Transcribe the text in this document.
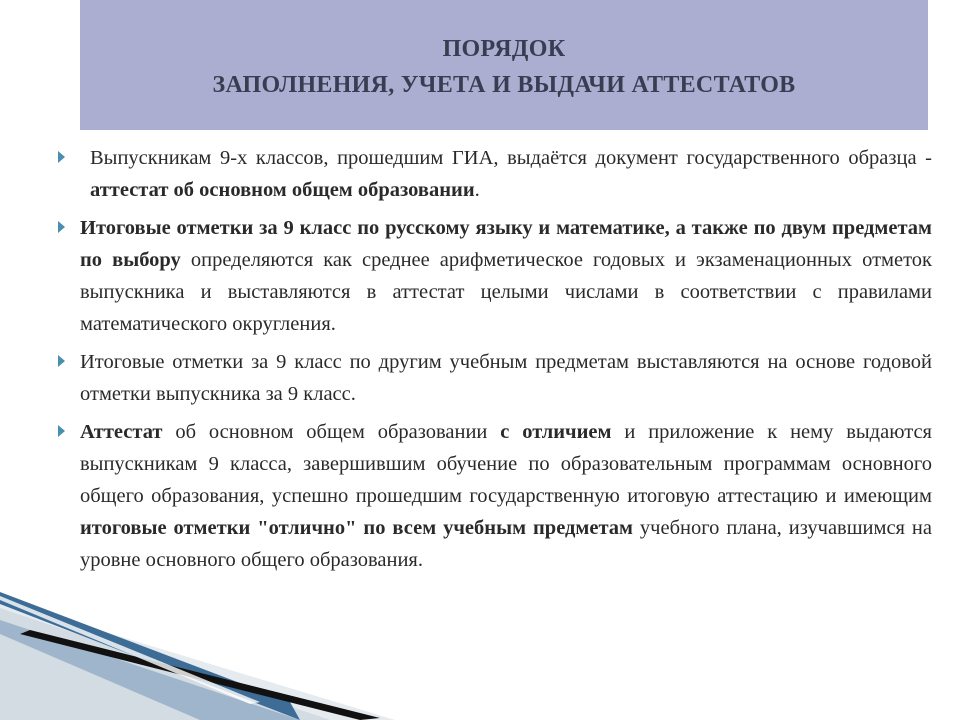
ПОРЯДОК
ЗАПОЛНЕНИЯ, УЧЕТА И ВЫДАЧИ АТТЕСТАТОВ
Выпускникам 9-х классов, прошедшим ГИА, выдаётся документ государственного образца - аттестат об основном общем образовании.
Итоговые отметки за 9 класс по русскому языку и математике, а также по двум предметам по выбору определяются как среднее арифметическое годовых и экзаменационных отметок выпускника и выставляются в аттестат целыми числами в соответствии с правилами математического округления.
Итоговые отметки за 9 класс по другим учебным предметам выставляются на основе годовой отметки выпускника за 9 класс.
Аттестат об основном общем образовании с отличием и приложение к нему выдаются выпускникам 9 класса, завершившим обучение по образовательным программам основного общего образования, успешно прошедшим государственную итоговую аттестацию и имеющим итоговые отметки "отлично" по всем учебным предметам учебного плана, изучавшимся на уровне основного общего образования.
